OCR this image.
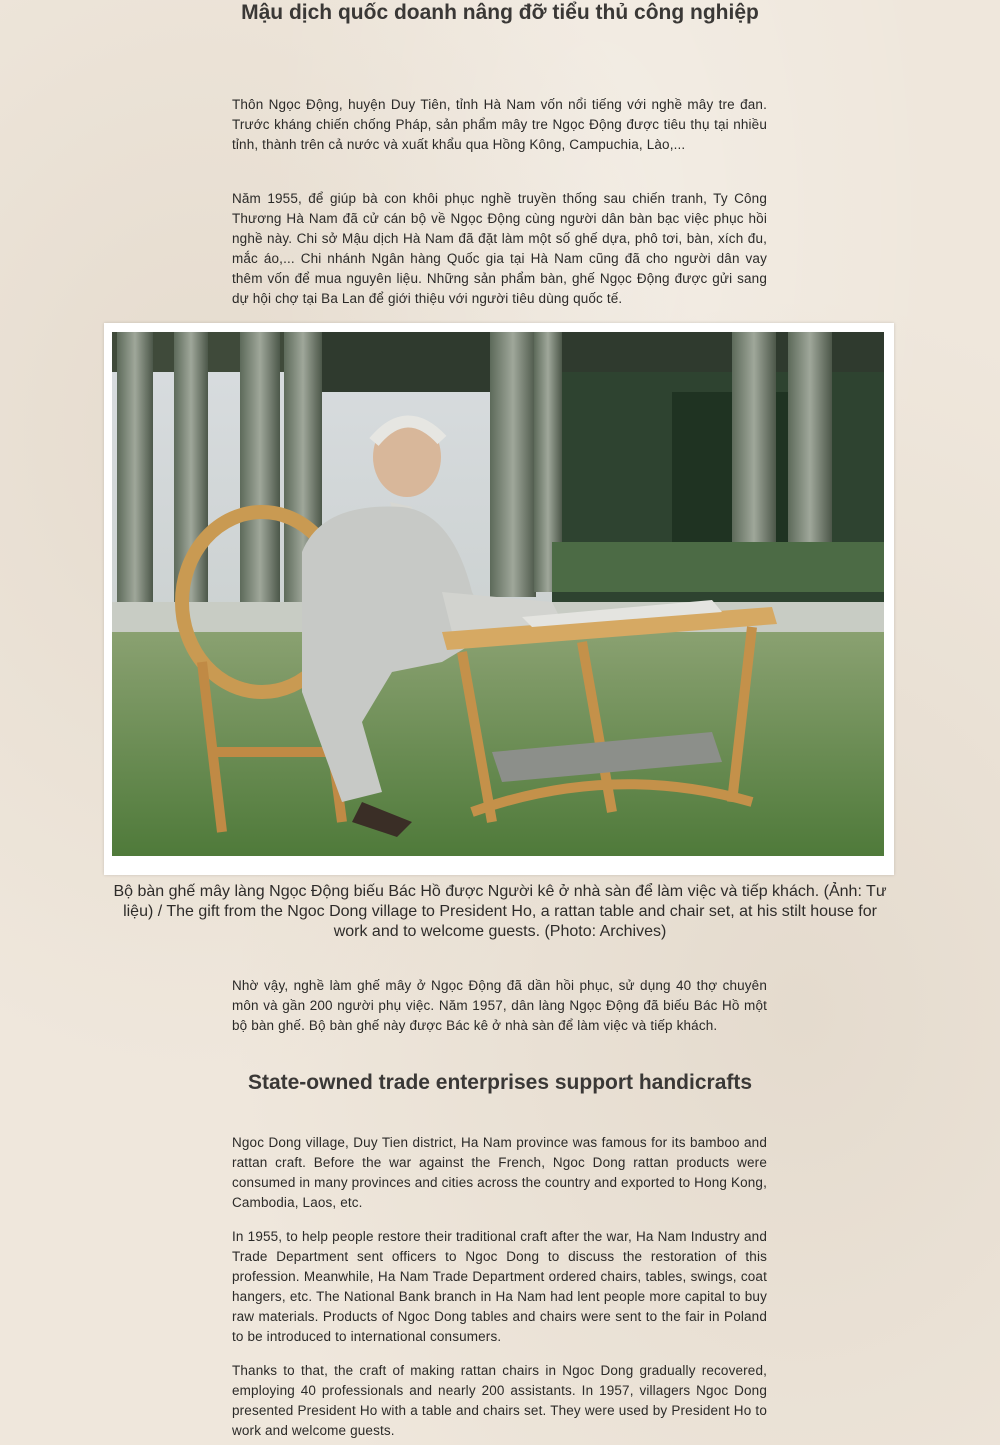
Mậu dịch quốc doanh nâng đỡ tiểu thủ công nghiệp

Thôn Ngọc Động, huyện Duy Tiên, tỉnh Hà Nam vốn nổi tiếng với nghề mây tre đan. Trước kháng chiến chống Pháp, sản phẩm mây tre Ngọc Động được tiêu thụ tại nhiều tỉnh, thành trên cả nước và xuất khẩu qua Hồng Kông, Campuchia, Lào,...

Năm 1955, để giúp bà con khôi phục nghề truyền thống sau chiến tranh, Ty Công Thương Hà Nam đã cử cán bộ về Ngọc Động cùng người dân bàn bạc việc phục hồi nghề này. Chi sở Mậu dịch Hà Nam đã đặt làm một số ghế dựa, phô tơi, bàn, xích đu, mắc áo,... Chi nhánh Ngân hàng Quốc gia tại Hà Nam cũng đã cho người dân vay thêm vốn để mua nguyên liệu. Những sản phẩm bàn, ghế Ngọc Động được gửi sang dự hội chợ tại Ba Lan để giới thiệu với người tiêu dùng quốc tế.

Bộ bàn ghế mây làng Ngọc Động biếu Bác Hồ được Người kê ở nhà sàn để làm việc và tiếp khách. (Ảnh: Tư liệu) / The gift from the Ngoc Dong village to President Ho, a rattan table and chair set, at his stilt house for work and to welcome guests. (Photo: Archives)

Nhờ vậy, nghề làm ghế mây ở Ngọc Động đã dần hồi phục, sử dụng 40 thợ chuyên môn và gần 200 người phụ việc. Năm 1957, dân làng Ngọc Động đã biếu Bác Hồ một bộ bàn ghế. Bộ bàn ghế này được Bác kê ở nhà sàn để làm việc và tiếp khách.

State-owned trade enterprises support handicrafts

Ngoc Dong village, Duy Tien district, Ha Nam province was famous for its bamboo and rattan craft. Before the war against the French, Ngoc Dong rattan products were consumed in many provinces and cities across the country and exported to Hong Kong, Cambodia, Laos, etc.

In 1955, to help people restore their traditional craft after the war, Ha Nam Industry and Trade Department sent officers to Ngoc Dong to discuss the restoration of this profession. Meanwhile, Ha Nam Trade Department ordered chairs, tables, swings, coat hangers, etc. The National Bank branch in Ha Nam had lent people more capital to buy raw materials. Products of Ngoc Dong tables and chairs were sent to the fair in Poland to be introduced to international consumers.

Thanks to that, the craft of making rattan chairs in Ngoc Dong gradually recovered, employing 40 professionals and nearly 200 assistants. In 1957, villagers Ngoc Dong presented President Ho with a table and chairs set. They were used by President Ho to work and welcome guests.
